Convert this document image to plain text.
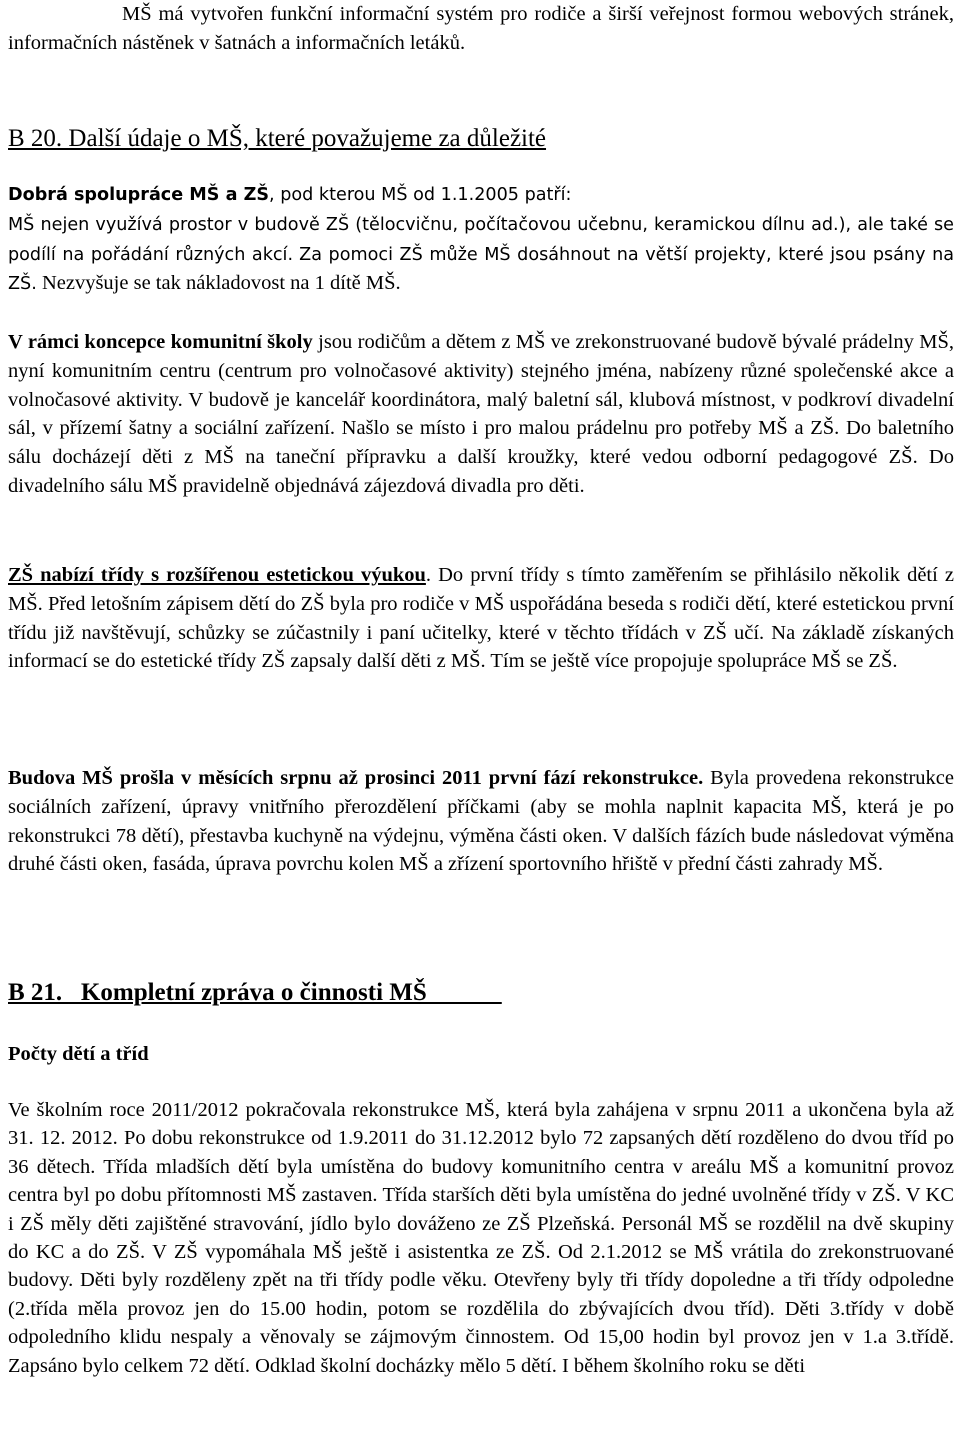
MŠ má vytvořen funkční informační systém pro rodiče a širší veřejnost formou webových stránek, informačních nástěnek v šatnách a informačních letáků.

B 20. Další údaje o MŠ, které považujeme za důležité

Dobrá spolupráce MŠ a ZŠ, pod kterou MŠ od 1.1.2005 patří:
MŠ nejen využívá prostor v budově ZŠ (tělocvičnu, počítačovou učebnu, keramickou dílnu ad.), ale také se podílí na pořádání různých akcí. Za pomoci ZŠ může MŠ dosáhnout na větší projekty, které jsou psány na ZŠ. Nezvyšuje se tak nákladovost na 1 dítě MŠ.

V rámci koncepce komunitní školy jsou rodičům a dětem z MŠ ve zrekonstruované budově bývalé prádelny MŠ, nyní komunitním centru (centrum pro volnočasové aktivity) stejného jména, nabízeny různé společenské akce a volnočasové aktivity. V budově je kancelář koordinátora, malý baletní sál, klubová místnost, v podkroví divadelní sál, v přízemí šatny a sociální zařízení. Našlo se místo i pro malou prádelnu pro potřeby MŠ a ZŠ. Do baletního sálu docházejí děti z MŠ na taneční přípravku a další kroužky, které vedou odborní pedagogové ZŠ. Do divadelního sálu MŠ pravidelně objednává zájezdová divadla pro děti.

ZŠ nabízí třídy s rozšířenou estetickou výukou. Do první třídy s tímto zaměřením se přihlásilo několik dětí z MŠ. Před letošním zápisem dětí do ZŠ byla pro rodiče v MŠ uspořádána beseda s rodiči dětí, které estetickou první třídu již navštěvují, schůzky se zúčastnily i paní učitelky, které v těchto třídách v ZŠ učí. Na základě získaných informací se do estetické třídy ZŠ zapsaly další děti z MŠ. Tím se ještě více propojuje spolupráce MŠ se ZŠ.

Budova MŠ prošla v měsících srpnu až prosinci 2011 první fází rekonstrukce. Byla provedena rekonstrukce sociálních zařízení, úpravy vnitřního přerozdělení příčkami (aby se mohla naplnit kapacita MŠ, která je po rekonstrukci 78 dětí), přestavba kuchyně na výdejnu, výměna části oken. V dalších fázích bude následovat výměna druhé části oken, fasáda, úprava povrchu kolen MŠ a zřízení sportovního hřiště v přední části zahrady MŠ.

B 21.   Kompletní zpráva o činnosti MŠ
Počty dětí a tříd

Ve školním roce 2011/2012 pokračovala rekonstrukce MŠ, která byla zahájena v srpnu 2011 a ukončena byla až 31. 12. 2012. Po dobu rekonstrukce od 1.9.2011 do 31.12.2012 bylo 72 zapsaných dětí rozděleno do dvou tříd po 36 dětech. Třída mladších dětí byla umístěna do budovy komunitního centra v areálu MŠ a komunitní provoz centra byl po dobu přítomnosti MŠ zastaven. Třída starších děti byla umístěna do jedné uvolněné třídy v ZŠ. V KC i ZŠ měly děti zajištěné stravování, jídlo bylo dováženo ze ZŠ Plzeňská. Personál MŠ se rozdělil na dvě skupiny do KC a do ZŠ. V ZŠ vypomáhala MŠ ještě i asistentka ze ZŠ. Od 2.1.2012 se MŠ vrátila do zrekonstruované budovy. Děti byly rozděleny zpět na tři třídy podle věku. Otevřeny byly tři třídy dopoledne a tři třídy odpoledne (2.třída měla provoz jen do 15.00 hodin, potom se rozdělila do zbývajících dvou tříd). Děti 3.třídy v době odpoledního klidu nespaly a věnovaly se zájmovým činnostem. Od 15,00 hodin byl provoz jen v 1.a 3.třídě. Zapsáno bylo celkem 72 dětí. Odklad školní docházky mělo 5 dětí. I během školního roku se děti
